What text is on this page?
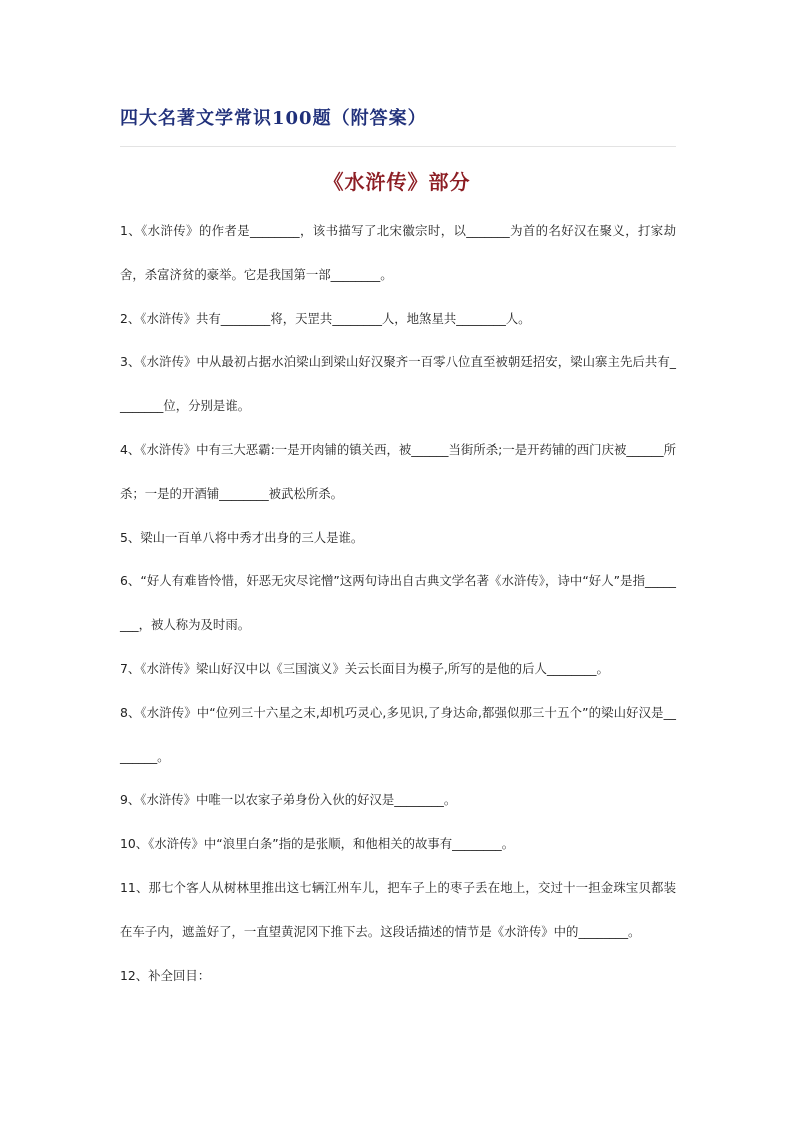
四大名著文学常识100题（附答案）
《水浒传》部分

1、《水浒传》的作者是________，该书描写了北宋徽宗时，以_______为首的名好汉在聚义，打家劫舍，杀富济贫的豪举。它是我国第一部________。

2、《水浒传》共有________将，天罡共________人，地煞星共________人。

3、《水浒传》中从最初占据水泊梁山到梁山好汉聚齐一百零八位直至被朝廷招安，梁山寨主先后共有________位，分别是谁。

4、《水浒传》中有三大恶霸:一是开肉铺的镇关西，被______当街所杀;一是开药铺的西门庆被______所杀；一是的开酒铺________被武松所杀。

5、梁山一百单八将中秀才出身的三人是谁。

6、“好人有难皆怜惜，奸恶无灾尽诧憎”这两句诗出自古典文学名著《水浒传》，诗中“好人”是指________，被人称为及时雨。

7、《水浒传》梁山好汉中以《三国演义》关云长面目为模子,所写的是他的后人________。

8、《水浒传》中“位列三十六星之末,却机巧灵心,多见识,了身达命,都强似那三十五个”的梁山好汉是________。

9、《水浒传》中唯一以农家子弟身份入伙的好汉是________。

10、《水浒传》中“浪里白条”指的是张顺，和他相关的故事有________。

11、那七个客人从树林里推出这七辆江州车儿，把车子上的枣子丢在地上，交过十一担金珠宝贝都装在车子内，遮盖好了，一直望黄泥冈下推下去。这段话描述的情节是《水浒传》中的________。

12、补全回目：
